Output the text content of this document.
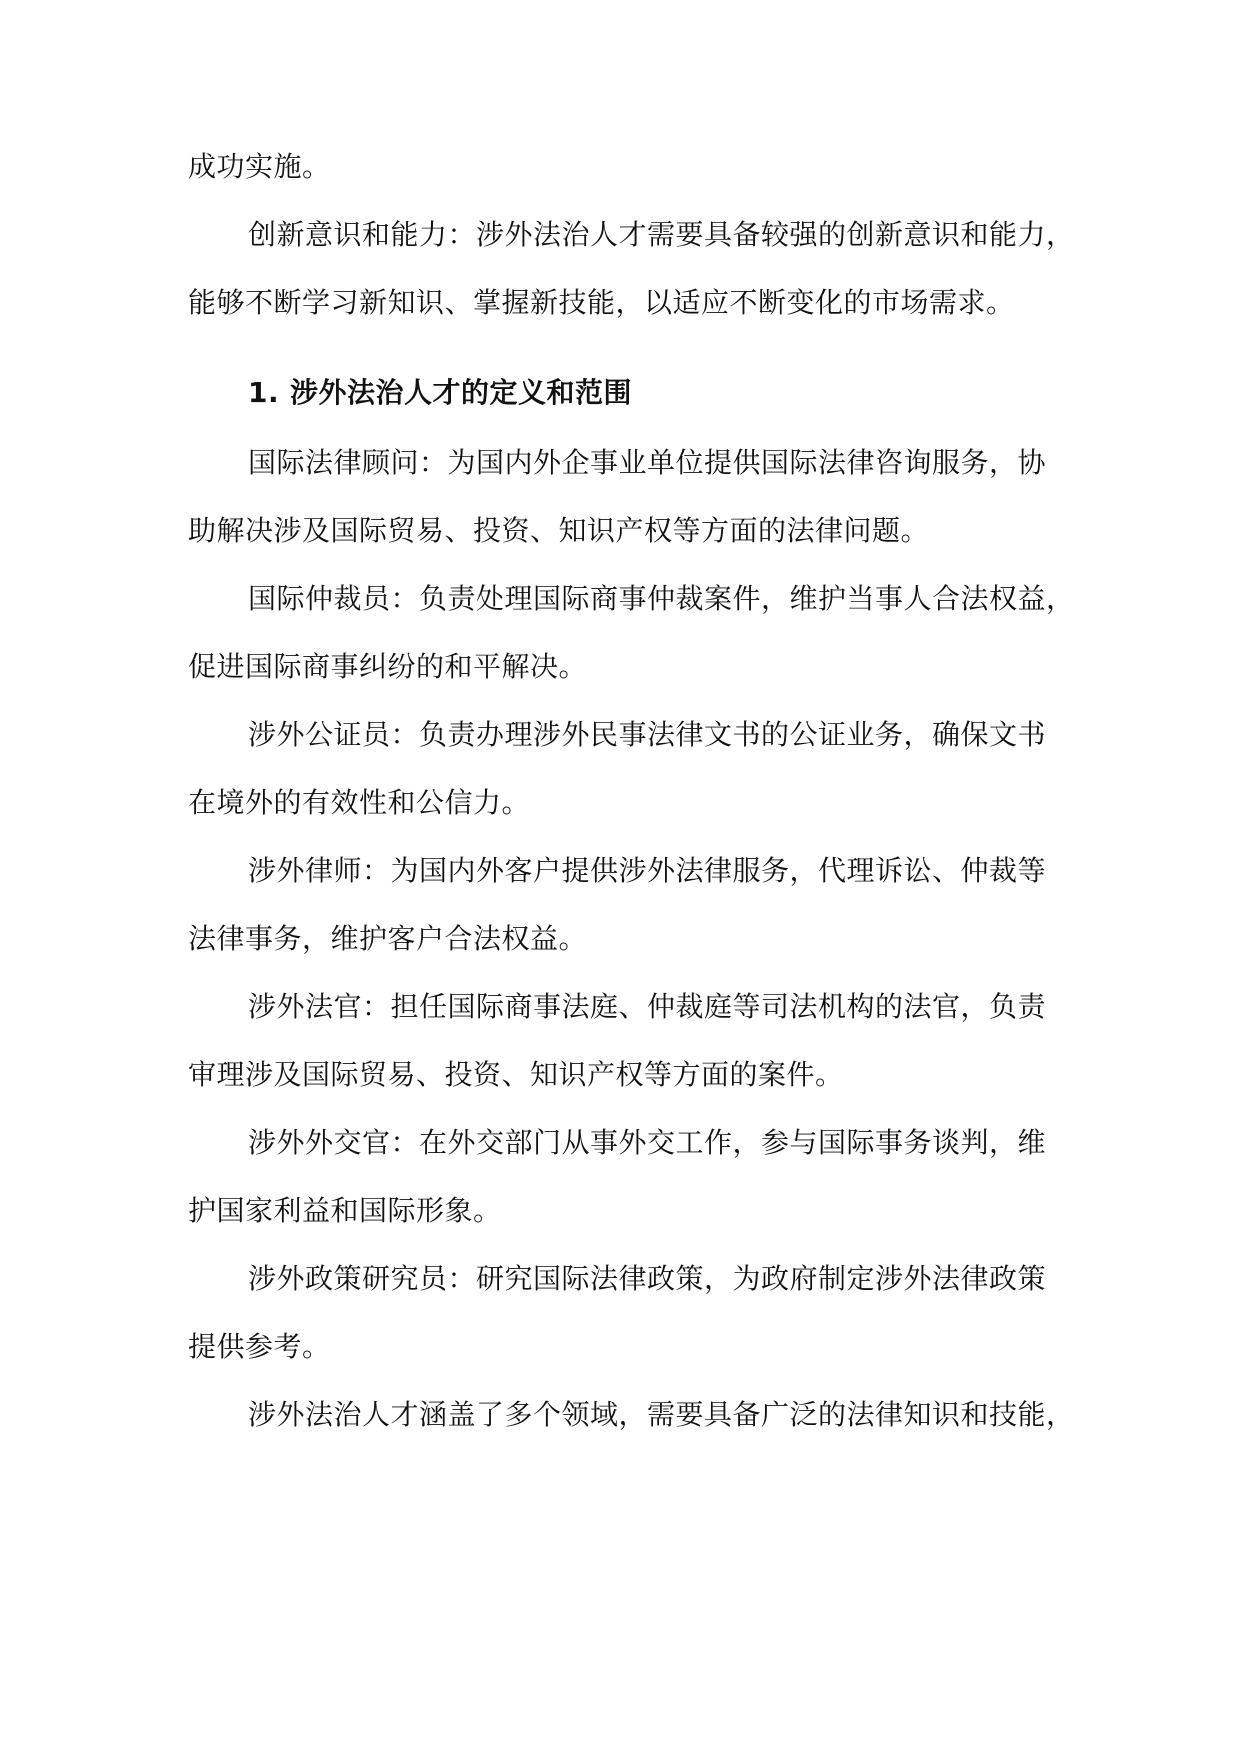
成功实施。
创新意识和能力：涉外法治人才需要具备较强的创新意识和能力，
能够不断学习新知识、掌握新技能，以适应不断变化的市场需求。
1. 涉外法治人才的定义和范围
国际法律顾问：为国内外企事业单位提供国际法律咨询服务，协
助解决涉及国际贸易、投资、知识产权等方面的法律问题。
国际仲裁员：负责处理国际商事仲裁案件，维护当事人合法权益，
促进国际商事纠纷的和平解决。
涉外公证员：负责办理涉外民事法律文书的公证业务，确保文书
在境外的有效性和公信力。
涉外律师：为国内外客户提供涉外法律服务，代理诉讼、仲裁等
法律事务，维护客户合法权益。
涉外法官：担任国际商事法庭、仲裁庭等司法机构的法官，负责
审理涉及国际贸易、投资、知识产权等方面的案件。
涉外外交官：在外交部门从事外交工作，参与国际事务谈判，维
护国家利益和国际形象。
涉外政策研究员：研究国际法律政策，为政府制定涉外法律政策
提供参考。
涉外法治人才涵盖了多个领域，需要具备广泛的法律知识和技能，
